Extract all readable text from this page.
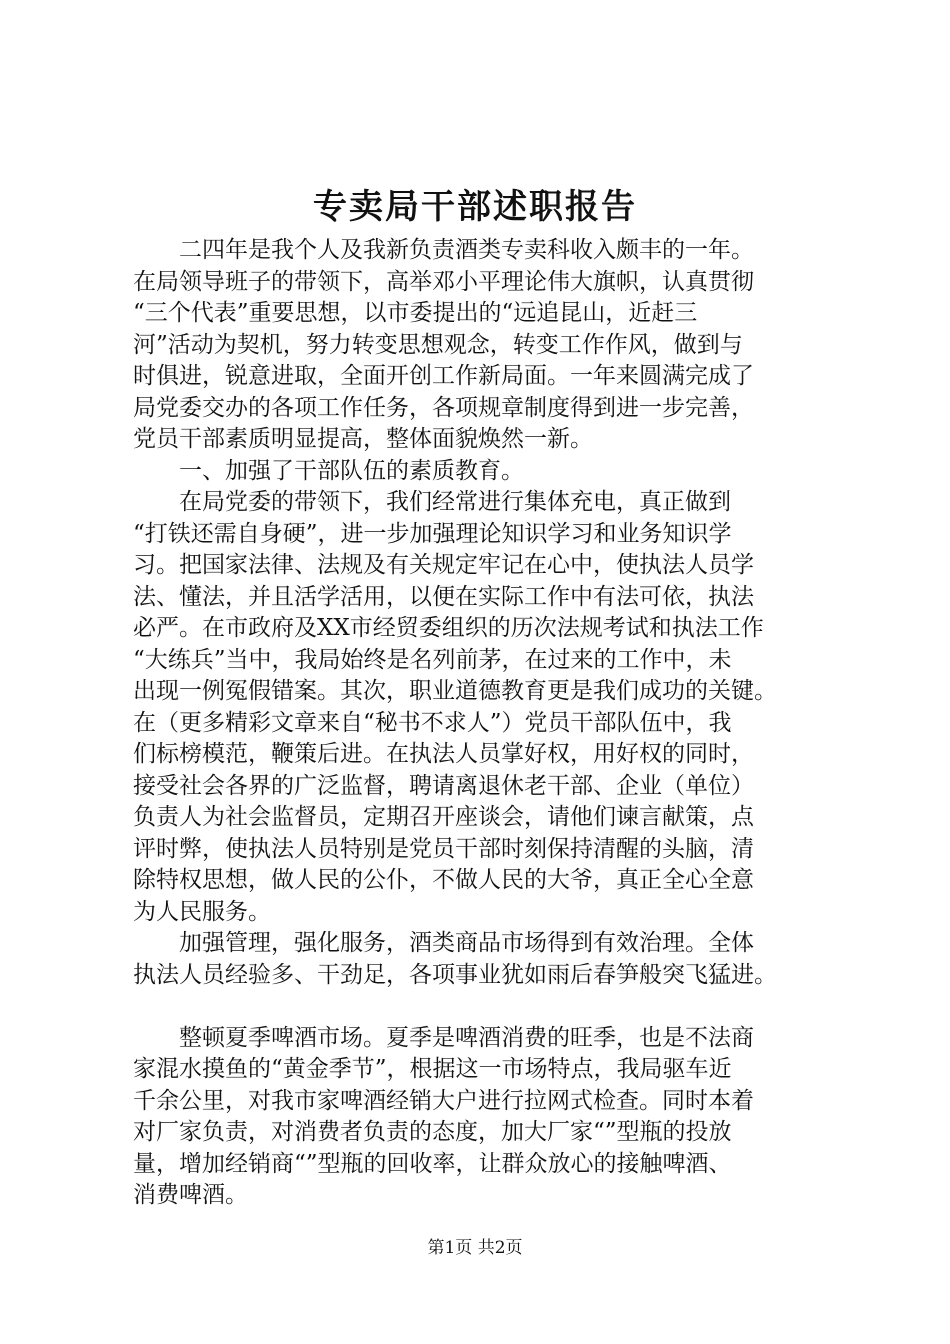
专卖局干部述职报告
二四年是我个人及我新负责酒类专卖科收入颇丰的一年。
在局领导班子的带领下，高举邓小平理论伟大旗帜，认真贯彻
“三个代表”重要思想，以市委提出的“远追昆山，近赶三
河”活动为契机，努力转变思想观念，转变工作作风，做到与
时俱进，锐意进取，全面开创工作新局面。一年来圆满完成了
局党委交办的各项工作任务，各项规章制度得到进一步完善，
党员干部素质明显提高，整体面貌焕然一新。
一、加强了干部队伍的素质教育。
在局党委的带领下，我们经常进行集体充电，真正做到
“打铁还需自身硬”，进一步加强理论知识学习和业务知识学
习。把国家法律、法规及有关规定牢记在心中，使执法人员学
法、懂法，并且活学活用，以便在实际工作中有法可依，执法
必严。在市政府及XX市经贸委组织的历次法规考试和执法工作
“大练兵”当中，我局始终是名列前茅，在过来的工作中，未
出现一例冤假错案。其次，职业道德教育更是我们成功的关键。
在（更多精彩文章来自“秘书不求人”）党员干部队伍中，我
们标榜模范，鞭策后进。在执法人员掌好权，用好权的同时，
接受社会各界的广泛监督，聘请离退休老干部、企业（单位）
负责人为社会监督员，定期召开座谈会，请他们谏言献策，点
评时弊，使执法人员特别是党员干部时刻保持清醒的头脑，清
除特权思想，做人民的公仆，不做人民的大爷，真正全心全意
为人民服务。
加强管理，强化服务，酒类商品市场得到有效治理。全体
执法人员经验多、干劲足，各项事业犹如雨后春笋般突飞猛进。
整顿夏季啤酒市场。夏季是啤酒消费的旺季，也是不法商
家混水摸鱼的“黄金季节”，根据这一市场特点，我局驱车近
千余公里，对我市家啤酒经销大户进行拉网式检查。同时本着
对厂家负责，对消费者负责的态度，加大厂家“”型瓶的投放
量，增加经销商“”型瓶的回收率，让群众放心的接触啤酒、
消费啤酒。
第1页 共2页
